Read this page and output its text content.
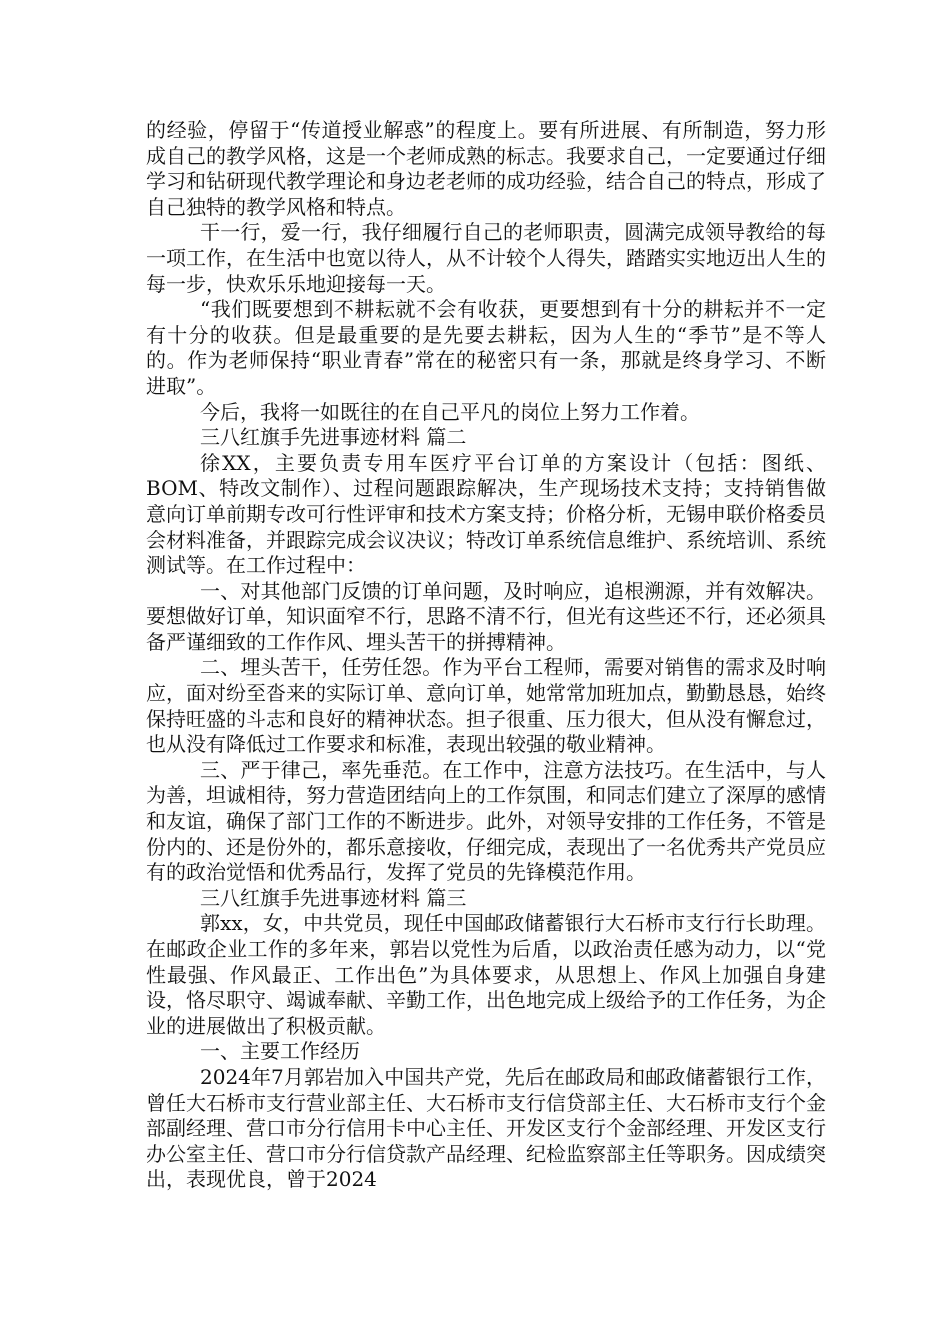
的经验，停留于“传道授业解惑”的程度上。要有所进展、有所制造，努力形成自己的教学风格，这是一个老师成熟的标志。我要求自己，一定要通过仔细学习和钻研现代教学理论和身边老老师的成功经验，结合自己的特点，形成了自己独特的教学风格和特点。

干一行，爱一行，我仔细履行自己的老师职责，圆满完成领导教给的每一项工作，在生活中也宽以待人，从不计较个人得失，踏踏实实地迈出人生的每一步，快欢乐乐地迎接每一天。

“我们既要想到不耕耘就不会有收获，更要想到有十分的耕耘并不一定有十分的收获。但是最重要的是先要去耕耘，因为人生的“季节”是不等人的。作为老师保持“职业青春”常在的秘密只有一条，那就是终身学习、不断进取”。

今后，我将一如既往的在自己平凡的岗位上努力工作着。

三八红旗手先进事迹材料 篇二

徐XX，主要负责专用车医疗平台订单的方案设计（包括：图纸、BOM、特改文制作）、过程问题跟踪解决，生产现场技术支持；支持销售做意向订单前期专改可行性评审和技术方案支持；价格分析，无锡申联价格委员会材料准备，并跟踪完成会议决议；特改订单系统信息维护、系统培训、系统测试等。在工作过程中：

一、对其他部门反馈的订单问题，及时响应，追根溯源，并有效解决。要想做好订单，知识面窄不行，思路不清不行，但光有这些还不行，还必须具备严谨细致的工作作风、埋头苦干的拼搏精神。

二、埋头苦干，任劳任怨。作为平台工程师，需要对销售的需求及时响应，面对纷至沓来的实际订单、意向订单，她常常加班加点，勤勤恳恳，始终保持旺盛的斗志和良好的精神状态。担子很重、压力很大，但从没有懈怠过，也从没有降低过工作要求和标准，表现出较强的敬业精神。

三、严于律己，率先垂范。在工作中，注意方法技巧。在生活中，与人为善，坦诚相待，努力营造团结向上的工作氛围，和同志们建立了深厚的感情和友谊，确保了部门工作的不断进步。此外，对领导安排的工作任务，不管是份内的、还是份外的，都乐意接收，仔细完成，表现出了一名优秀共产党员应有的政治觉悟和优秀品行，发挥了党员的先锋模范作用。

三八红旗手先进事迹材料 篇三

郭xx，女，中共党员，现任中国邮政储蓄银行大石桥市支行行长助理。在邮政企业工作的多年来，郭岩以党性为后盾，以政治责任感为动力，以“党性最强、作风最正、工作出色”为具体要求，从思想上、作风上加强自身建设，恪尽职守、竭诚奉献、辛勤工作，出色地完成上级给予的工作任务，为企业的进展做出了积极贡献。

一、主要工作经历

2024年7月郭岩加入中国共产党，先后在邮政局和邮政储蓄银行工作，曾任大石桥市支行营业部主任、大石桥市支行信贷部主任、大石桥市支行个金部副经理、营口市分行信用卡中心主任、开发区支行个金部经理、开发区支行办公室主任、营口市分行信贷款产品经理、纪检监察部主任等职务。因成绩突出，表现优良，曾于2024
